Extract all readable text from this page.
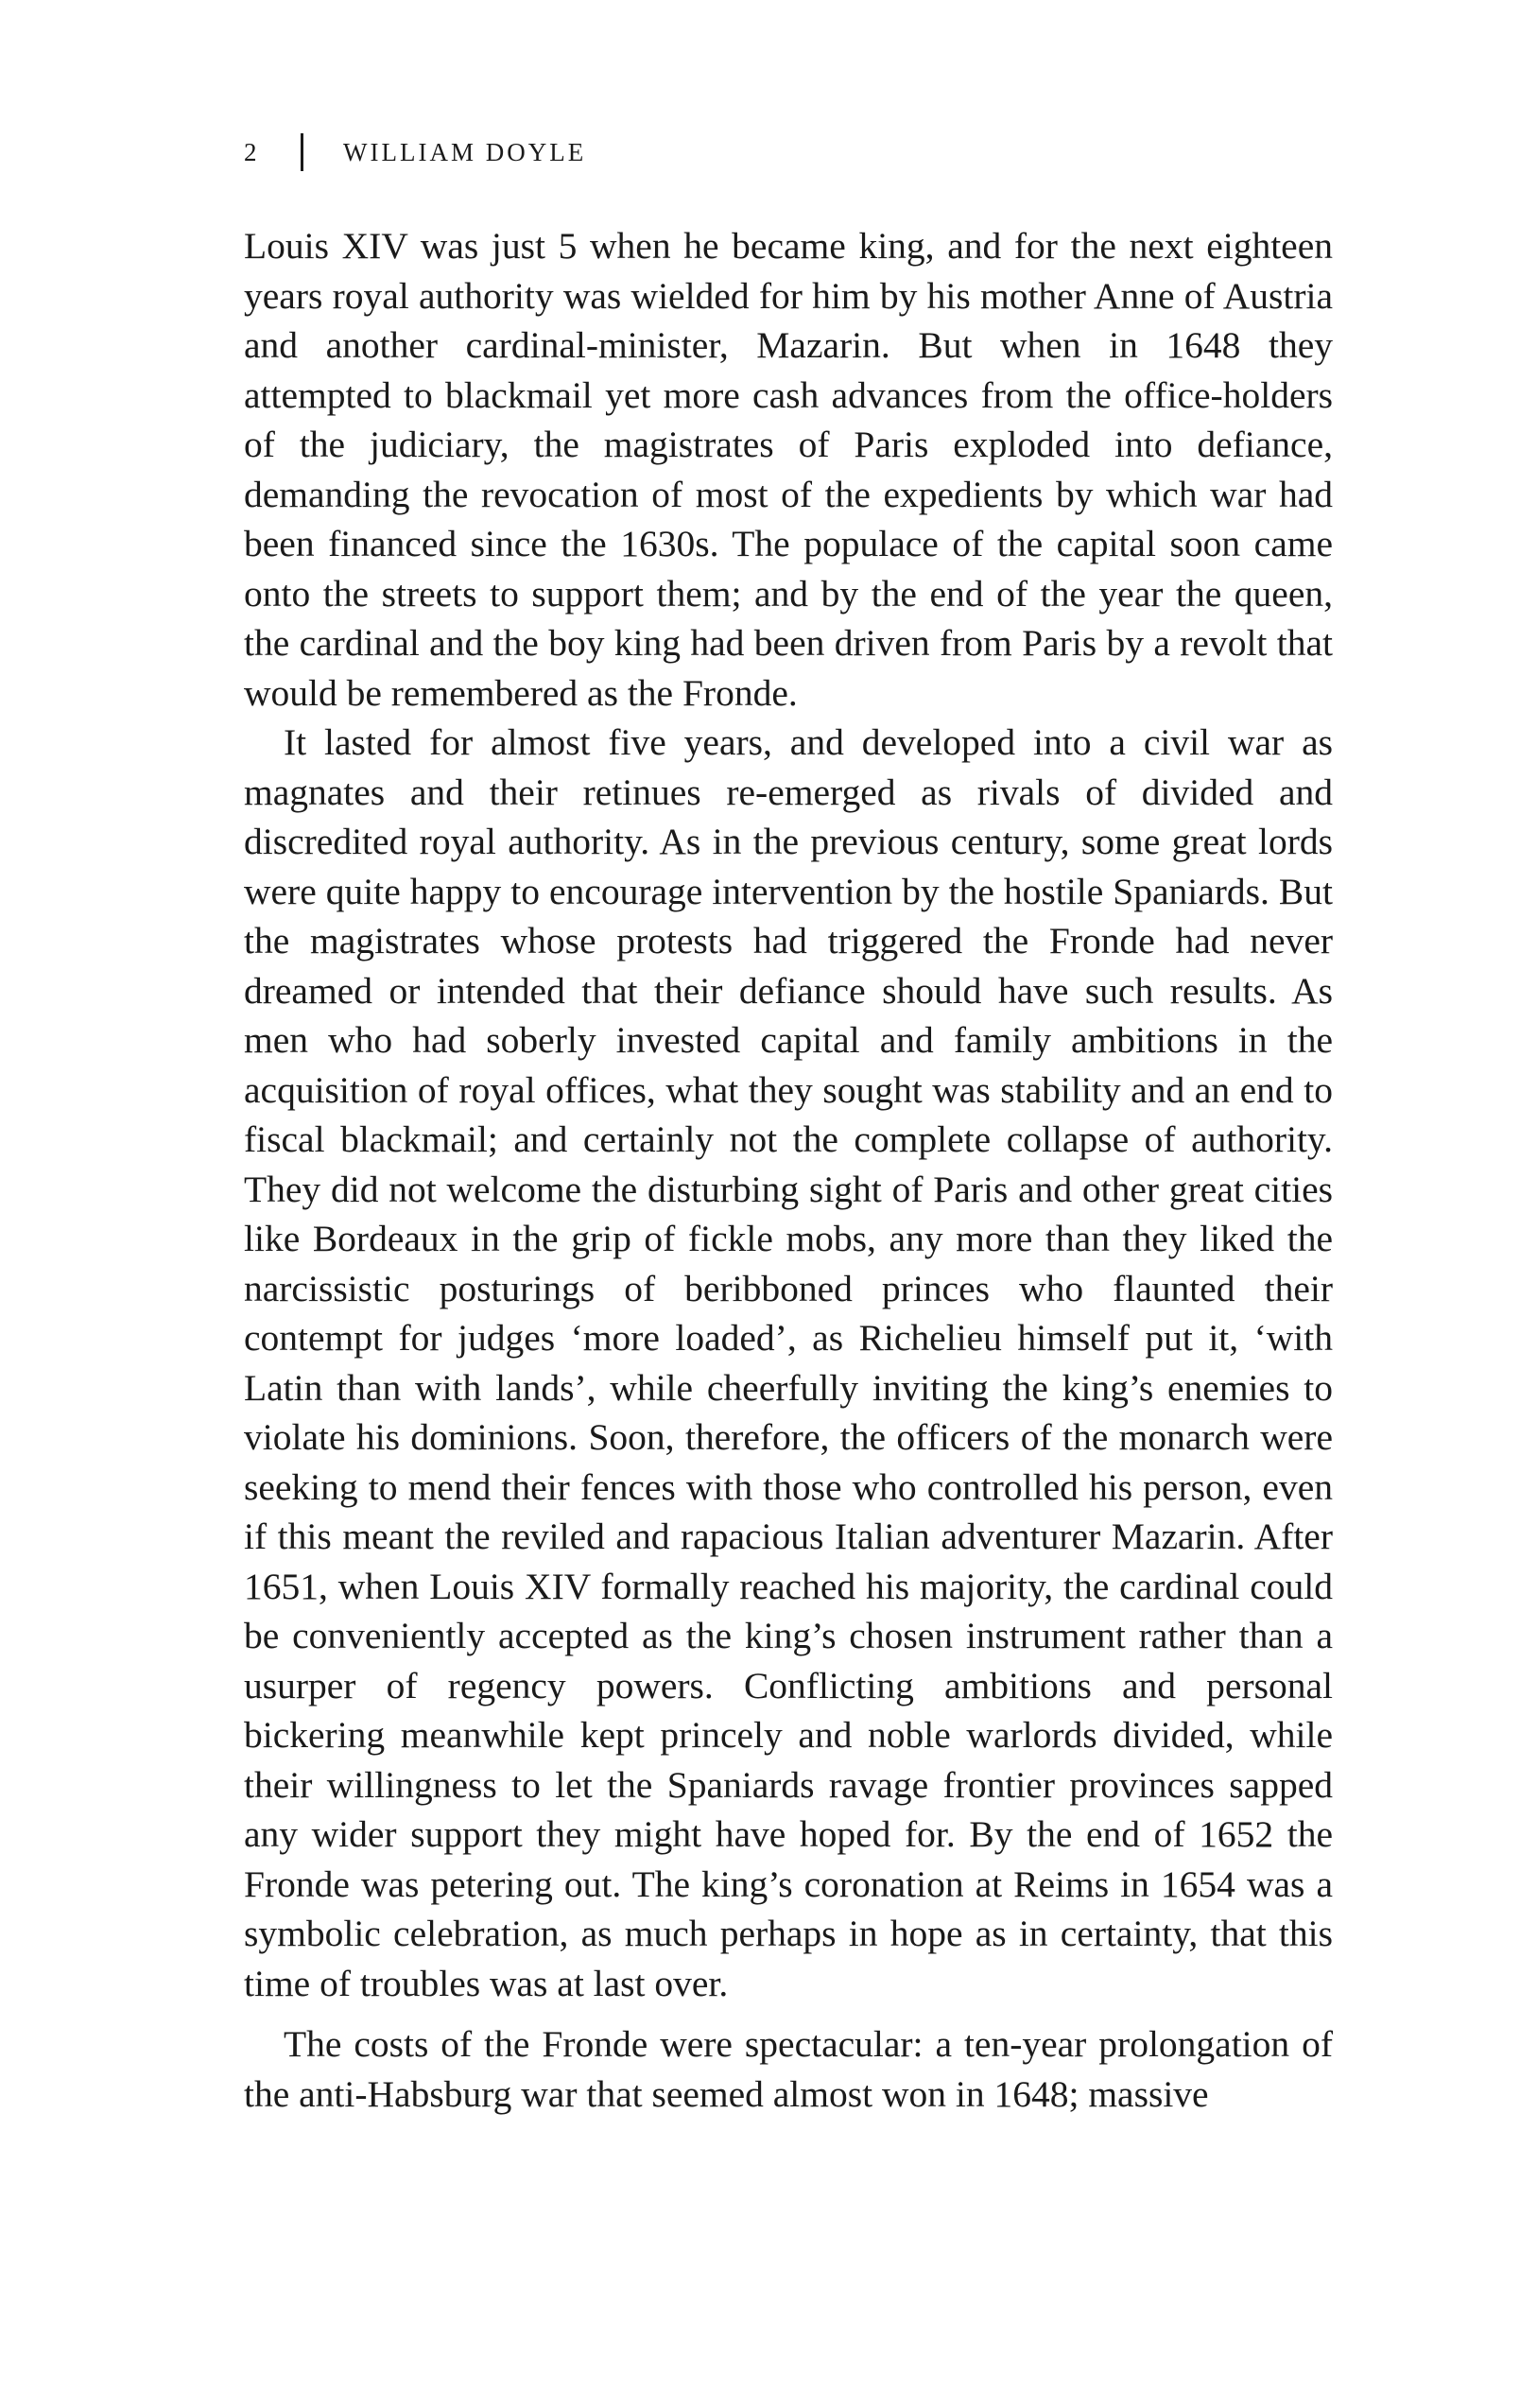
2	WILLIAM DOYLE

Louis XIV was just 5 when he became king, and for the next eighteen years royal authority was wielded for him by his mother Anne of Austria and another cardinal-minister, Mazarin. But when in 1648 they attempted to blackmail yet more cash advances from the office-holders of the judiciary, the magistrates of Paris exploded into defiance, demanding the revocation of most of the expedients by which war had been financed since the 1630s. The populace of the capital soon came onto the streets to support them; and by the end of the year the queen, the cardinal and the boy king had been driven from Paris by a revolt that would be remembered as the Fronde.

It lasted for almost five years, and developed into a civil war as magnates and their retinues re-emerged as rivals of divided and discredited royal authority. As in the previous century, some great lords were quite happy to encourage intervention by the hostile Spaniards. But the magistrates whose protests had triggered the Fronde had never dreamed or intended that their defiance should have such results. As men who had soberly invested capital and family ambitions in the acquisition of royal offices, what they sought was stability and an end to fiscal blackmail; and certainly not the complete collapse of authority. They did not welcome the disturbing sight of Paris and other great cities like Bordeaux in the grip of fickle mobs, any more than they liked the narcissistic posturings of beribboned princes who flaunted their contempt for judges ‘more loaded’, as Richelieu himself put it, ‘with Latin than with lands’, while cheerfully inviting the king’s enemies to violate his dominions. Soon, therefore, the officers of the monarch were seeking to mend their fences with those who controlled his person, even if this meant the reviled and rapacious Italian adventurer Mazarin. After 1651, when Louis XIV formally reached his majority, the cardinal could be conveniently accepted as the king’s chosen instrument rather than a usurper of regency powers. Conflicting ambitions and personal bickering meanwhile kept princely and noble warlords divided, while their willingness to let the Spaniards ravage frontier provinces sapped any wider support they might have hoped for. By the end of 1652 the Fronde was petering out. The king’s coronation at Reims in 1654 was a symbolic celebration, as much perhaps in hope as in certainty, that this time of troubles was at last over.

The costs of the Fronde were spectacular: a ten-year prolongation of the anti-Habsburg war that seemed almost won in 1648; massive
